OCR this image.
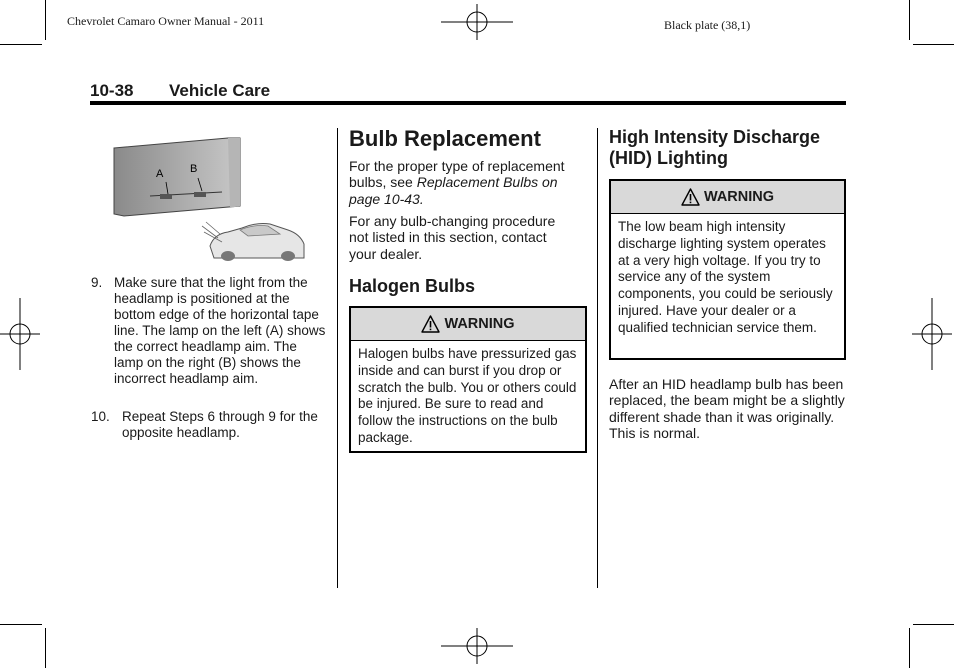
Chevrolet Camaro Owner Manual - 2011	Black plate (38,1)
10-38 Vehicle Care
A B
9. Make sure that the light from the headlamp is positioned at the bottom edge of the horizontal tape line. The lamp on the left (A) shows the correct headlamp aim. The lamp on the right (B) shows the incorrect headlamp aim.
10. Repeat Steps 6 through 9 for the opposite headlamp.
Bulb Replacement
For the proper type of replacement bulbs, see Replacement Bulbs on page 10-43.
For any bulb-changing procedure not listed in this section, contact your dealer.
Halogen Bulbs
WARNING
Halogen bulbs have pressurized gas inside and can burst if you drop or scratch the bulb. You or others could be injured. Be sure to read and follow the instructions on the bulb package.
High Intensity Discharge (HID) Lighting
WARNING
The low beam high intensity discharge lighting system operates at a very high voltage. If you try to service any of the system components, you could be seriously injured. Have your dealer or a qualified technician service them.
After an HID headlamp bulb has been replaced, the beam might be a slightly different shade than it was originally. This is normal.
